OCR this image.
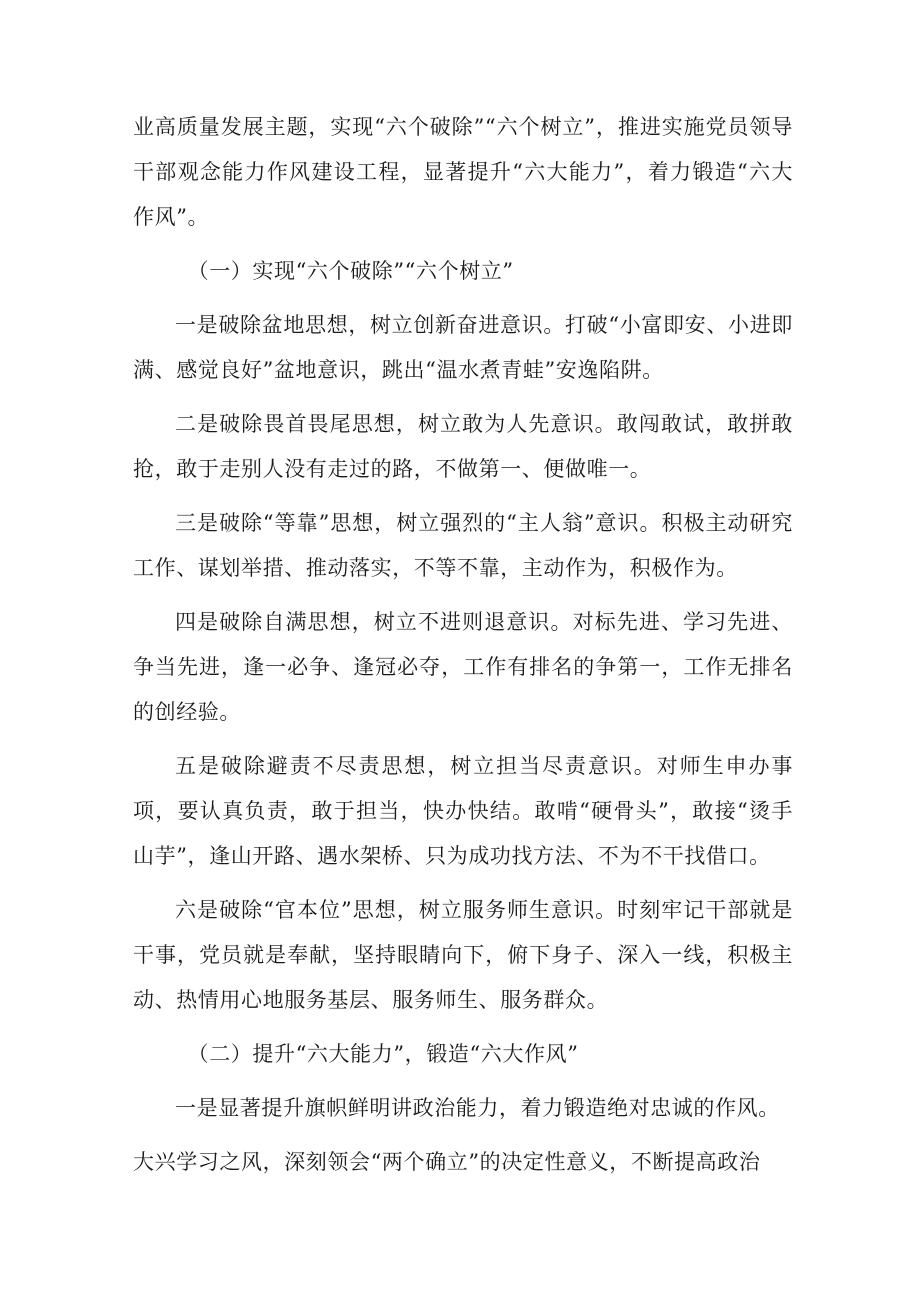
业高质量发展主题，实现“六个破除”“六个树立”，推进实施党员领导干部观念能力作风建设工程，显著提升“六大能力”，着力锻造“六大作风”。

（一）实现“六个破除”“六个树立”

一是破除盆地思想，树立创新奋进意识。打破“小富即安、小进即满、感觉良好”盆地意识，跳出“温水煮青蛙”安逸陷阱。

二是破除畏首畏尾思想，树立敢为人先意识。敢闯敢试，敢拼敢抢，敢于走别人没有走过的路，不做第一、便做唯一。

三是破除“等靠”思想，树立强烈的“主人翁”意识。积极主动研究工作、谋划举措、推动落实，不等不靠，主动作为，积极作为。

四是破除自满思想，树立不进则退意识。对标先进、学习先进、争当先进，逢一必争、逢冠必夺，工作有排名的争第一，工作无排名的创经验。

五是破除避责不尽责思想，树立担当尽责意识。对师生申办事项，要认真负责，敢于担当，快办快结。敢啃“硬骨头”，敢接“烫手山芋”，逢山开路、遇水架桥、只为成功找方法、不为不干找借口。

六是破除“官本位”思想，树立服务师生意识。时刻牢记干部就是干事，党员就是奉献，坚持眼睛向下，俯下身子、深入一线，积极主动、热情用心地服务基层、服务师生、服务群众。

（二）提升“六大能力”，锻造“六大作风”

一是显著提升旗帜鲜明讲政治能力，着力锻造绝对忠诚的作风。

大兴学习之风，深刻领会“两个确立”的决定性意义，不断提高政治
